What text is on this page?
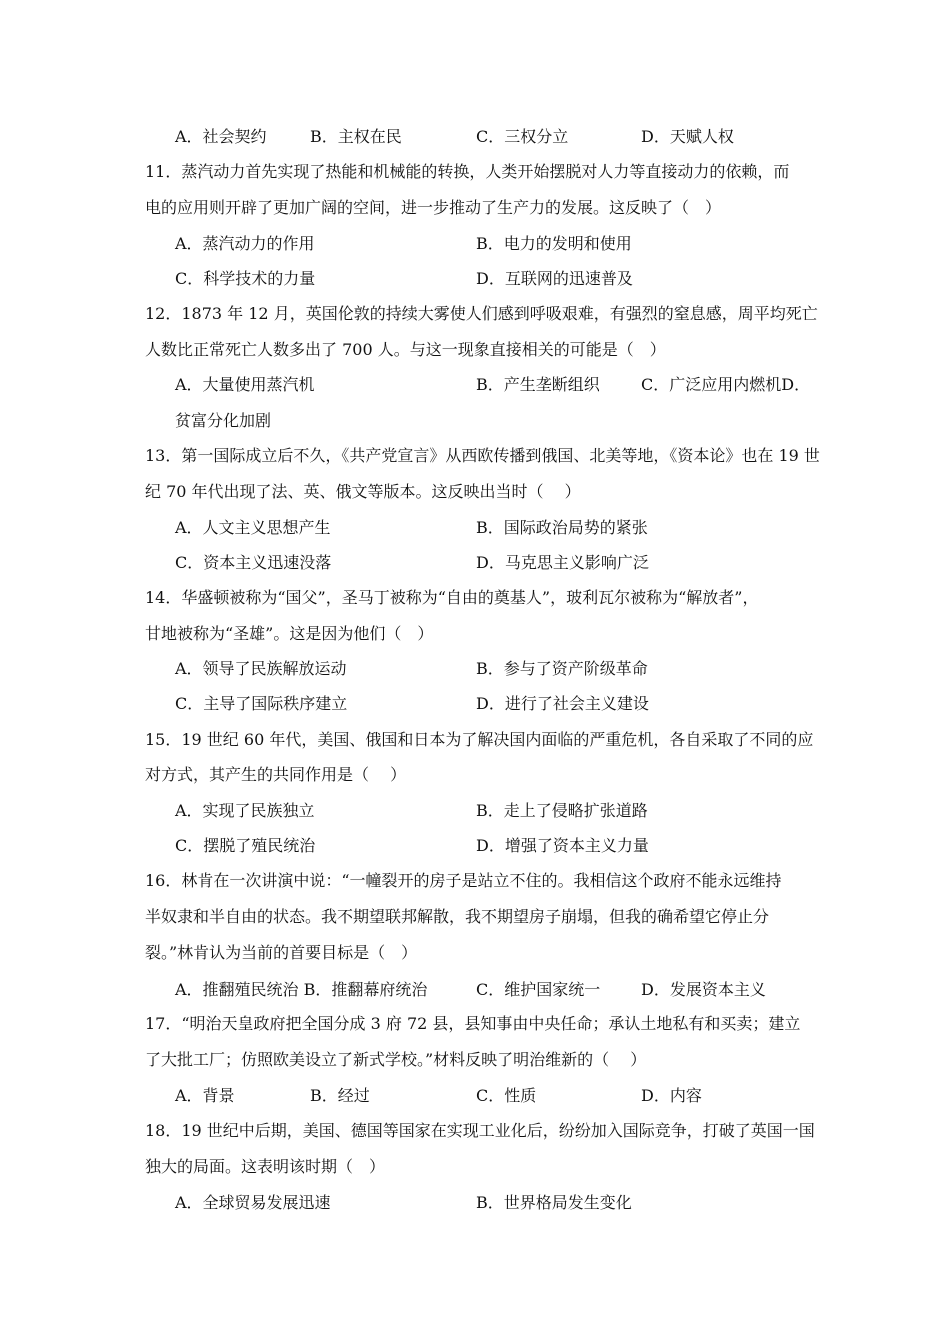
A．社会契约	B．主权在民	C．三权分立	D．天赋人权
11．蒸汽动力首先实现了热能和机械能的转换，人类开始摆脱对人力等直接动力的依赖，而
电的应用则开辟了更加广阔的空间，进一步推动了生产力的发展。这反映了（　）
A．蒸汽动力的作用	B．电力的发明和使用
C．科学技术的力量	D．互联网的迅速普及
12．1873 年 12 月，英国伦敦的持续大雾使人们感到呼吸艰难，有强烈的窒息感，周平均死亡
人数比正常死亡人数多出了 700 人。与这一现象直接相关的可能是（　）
A．大量使用蒸汽机	B．产生垄断组织	C．广泛应用内燃机D．
贫富分化加剧
13．第一国际成立后不久，《共产党宣言》从西欧传播到俄国、北美等地，《资本论》也在 19 世
纪 70 年代出现了法、英、俄文等版本。这反映出当时（　 ）
A．人文主义思想产生	B．国际政治局势的紧张
C．资本主义迅速没落	D．马克思主义影响广泛
14．华盛顿被称为“国父”，圣马丁被称为“自由的奠基人”，玻利瓦尔被称为“解放者”，
甘地被称为“圣雄”。这是因为他们（　）
A．领导了民族解放运动	B．参与了资产阶级革命
C．主导了国际秩序建立	D．进行了社会主义建设
15．19 世纪 60 年代，美国、俄国和日本为了解决国内面临的严重危机，各自采取了不同的应
对方式，其产生的共同作用是（　 ）
A．实现了民族独立	B．走上了侵略扩张道路
C．摆脱了殖民统治	D．增强了资本主义力量
16．林肯在一次讲演中说：“一幢裂开的房子是站立不住的。我相信这个政府不能永远维持
半奴隶和半自由的状态。我不期望联邦解散，我不期望房子崩塌，但我的确希望它停止分
裂。”林肯认为当前的首要目标是（　）
A．推翻殖民统治 B．推翻幕府统治	C．维护国家统一	D．发展资本主义
17．“明治天皇政府把全国分成 3 府 72 县，县知事由中央任命；承认土地私有和买卖；建立
了大批工厂；仿照欧美设立了新式学校。”材料反映了明治维新的（　 ）
A．背景	B．经过	C．性质	D．内容
18．19 世纪中后期，美国、德国等国家在实现工业化后，纷纷加入国际竞争，打破了英国一国
独大的局面。这表明该时期（　）
A．全球贸易发展迅速	B．世界格局发生变化
